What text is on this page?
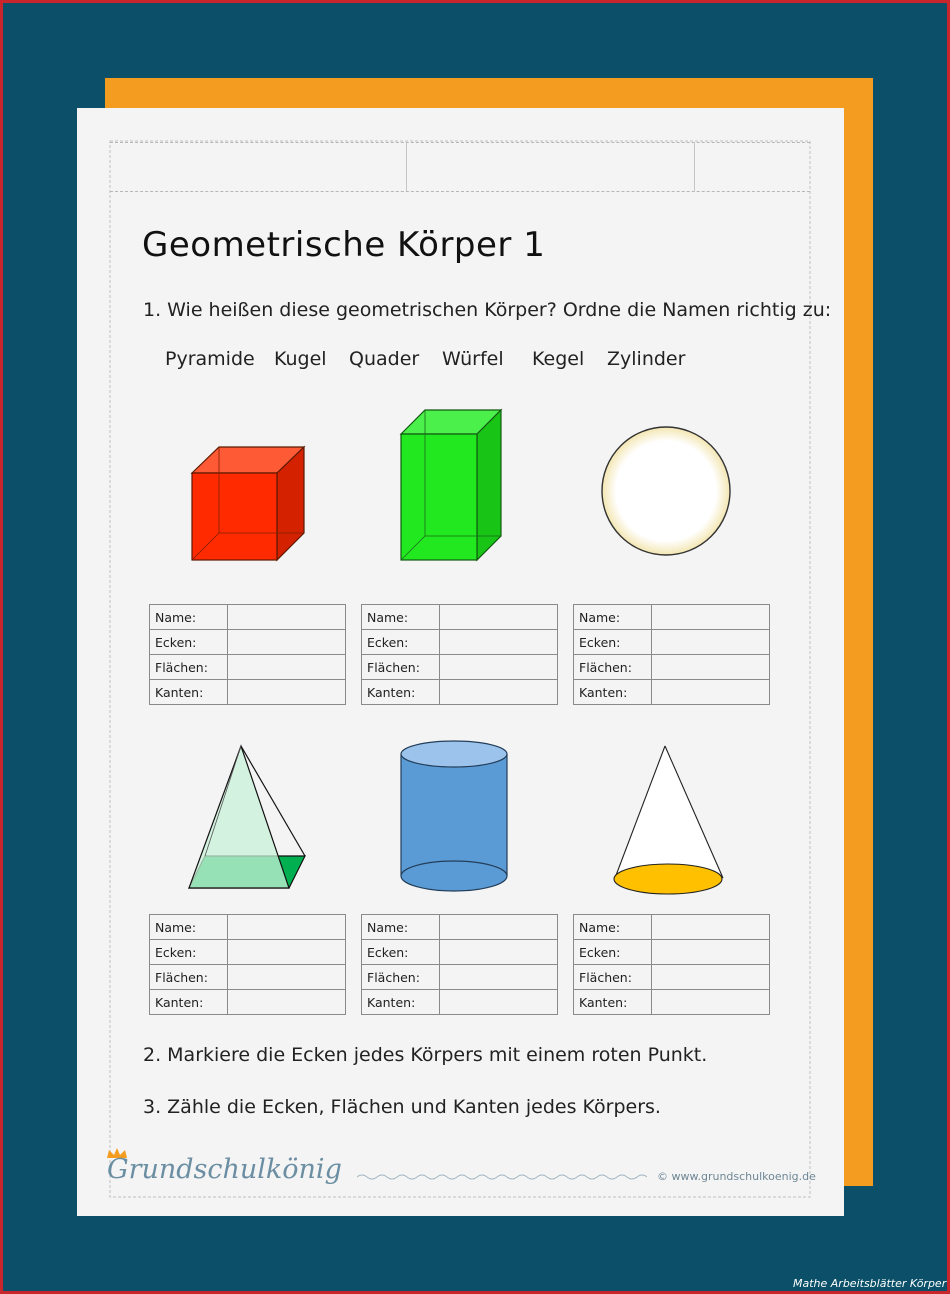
Geometrische Körper 1
1. Wie heißen diese geometrischen Körper? Ordne die Namen richtig zu:
Pyramide Kugel Quader Würfel Kegel Zylinder
Name:	
Ecken:	
Flächen:	
Kanten:	
Name:	
Ecken:	
Flächen:	
Kanten:	
Name:	
Ecken:	
Flächen:	
Kanten:	
Name:	
Ecken:	
Flächen:	
Kanten:	
Name:	
Ecken:	
Flächen:	
Kanten:	
Name:	
Ecken:	
Flächen:	
Kanten:	
2. Markiere die Ecken jedes Körpers mit einem roten Punkt.
3. Zähle die Ecken, Flächen und Kanten jedes Körpers.
Grundschulkönig	© www.grundschulkoenig.de
Mathe Arbeitsblätter Körper
